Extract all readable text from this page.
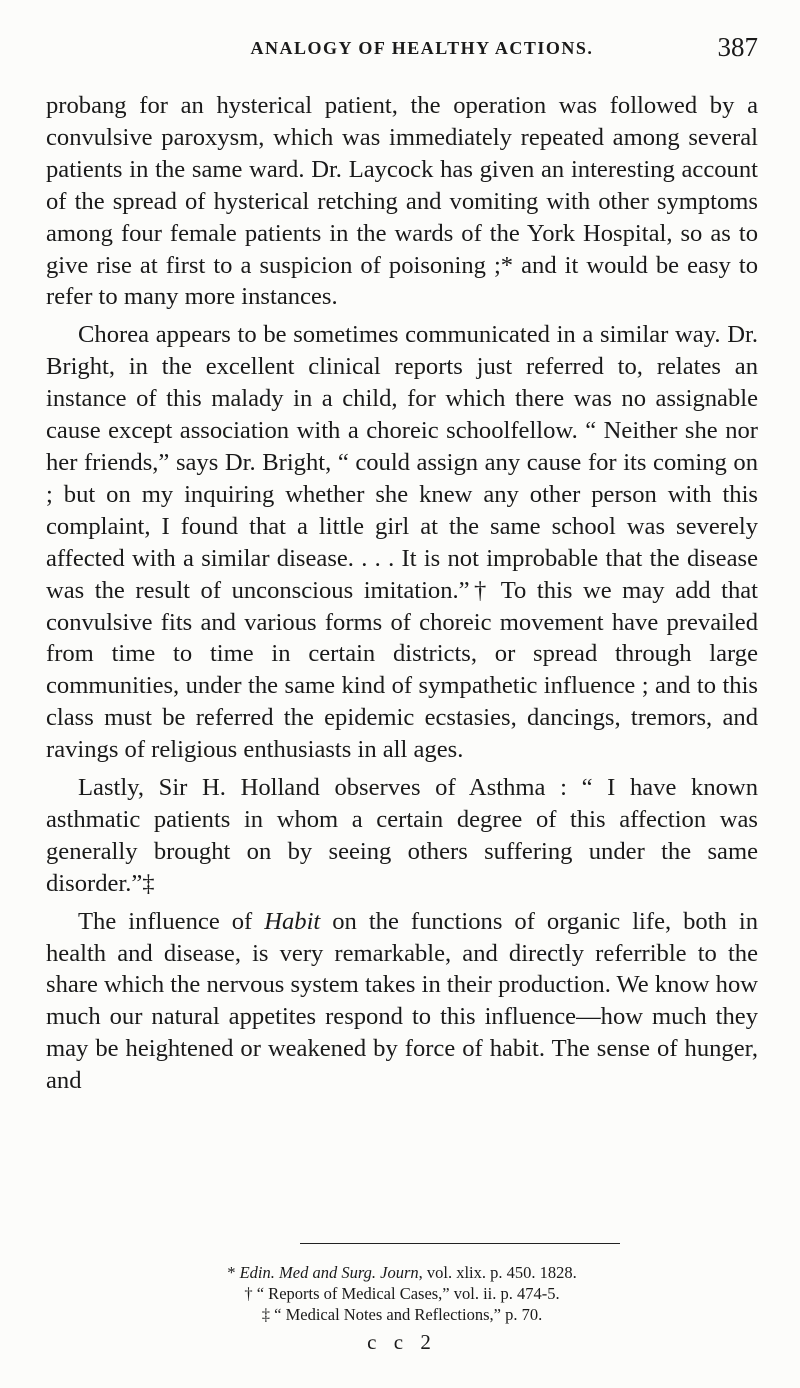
ANALOGY OF HEALTHY ACTIONS.	387

probang for an hysterical patient, the operation was followed by a convulsive paroxysm, which was immediately repeated among several patients in the same ward. Dr. Laycock has given an interesting account of the spread of hysterical retching and vomiting with other symptoms among four female patients in the wards of the York Hospital, so as to give rise at first to a suspicion of poisoning ;* and it would be easy to refer to many more instances.

Chorea appears to be sometimes communicated in a similar way. Dr. Bright, in the excellent clinical reports just referred to, relates an instance of this malady in a child, for which there was no assignable cause except association with a choreic schoolfellow. “ Neither she nor her friends,” says Dr. Bright, “ could assign any cause for its coming on ; but on my inquiring whether she knew any other person with this complaint, I found that a little girl at the same school was severely affected with a similar disease. . . . It is not improbable that the disease was the result of unconscious imitation.”† To this we may add that convulsive fits and various forms of choreic movement have prevailed from time to time in certain districts, or spread through large communities, under the same kind of sympathetic influence ; and to this class must be referred the epidemic ecstasies, dancings, tremors, and ravings of religious enthusiasts in all ages.

Lastly, Sir H. Holland observes of Asthma : “ I have known asthmatic patients in whom a certain degree of this affection was generally brought on by seeing others suffering under the same disorder.”‡

The influence of Habit on the functions of organic life, both in health and disease, is very remarkable, and directly referrible to the share which the nervous system takes in their production. We know how much our natural appetites respond to this influence—how much they may be heightened or weakened by force of habit. The sense of hunger, and

* Edin. Med and Surg. Journ, vol. xlix. p. 450. 1828.
† “ Reports of Medical Cases,” vol. ii. p. 474-5.
‡ “ Medical Notes and Reflections,” p. 70.
c c 2
